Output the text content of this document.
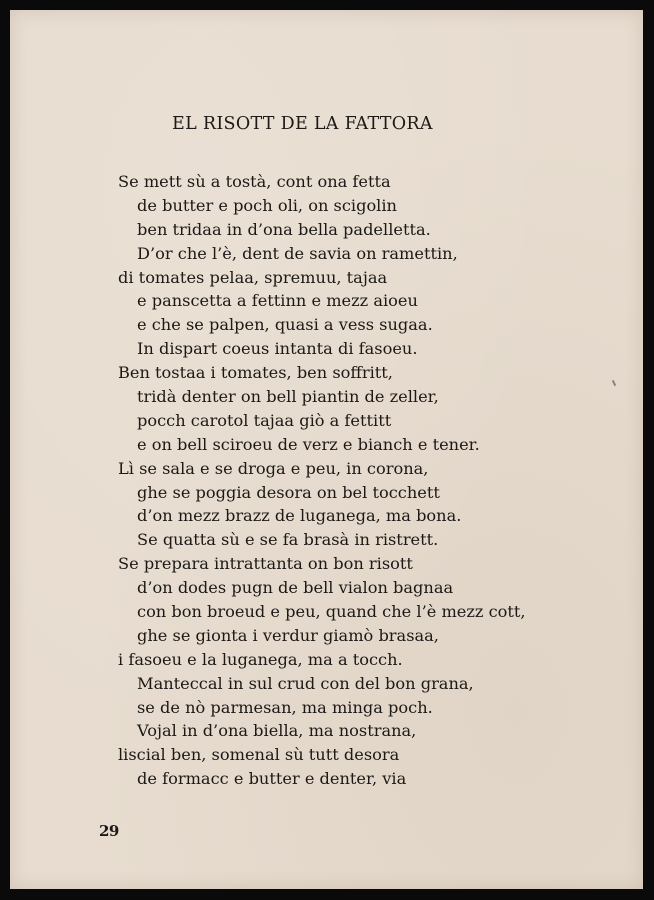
EL RISOTT DE LA FATTORA
Se mett sù a tostà, cont ona fetta
de butter e poch oli, on scigolin
ben tridaa in d’ona bella padelletta.
D’or che l’è, dent de savia on ramettin,
di tomates pelaa, spremuu, tajaa
e panscetta a fettinn e mezz aioeu
e che se palpen, quasi a vess sugaa.
In dispart coeus intanta di fasoeu.
Ben tostaa i tomates, ben soffritt,
tridà denter on bell piantin de zeller,
pocch carotol tajaa giò a fettitt
e on bell sciroeu de verz e bianch e tener.
Lì se sala e se droga e peu, in corona,
ghe se poggia desora on bel tocchett
d’on mezz brazz de luganega, ma bona.
Se quatta sù e se fa brasà in ristrett.
Se prepara intrattanta on bon risott
d’on dodes pugn de bell vialon bagnaa
con bon broeud e peu, quand che l’è mezz cott,
ghe se gionta i verdur giamò brasaa,
i fasoeu e la luganega, ma a tocch.
Manteccal in sul crud con del bon grana,
se de nò parmesan, ma minga poch.
Vojal in d’ona biella, ma nostrana,
liscial ben, somenal sù tutt desora
de formacc e butter e denter, via
29
